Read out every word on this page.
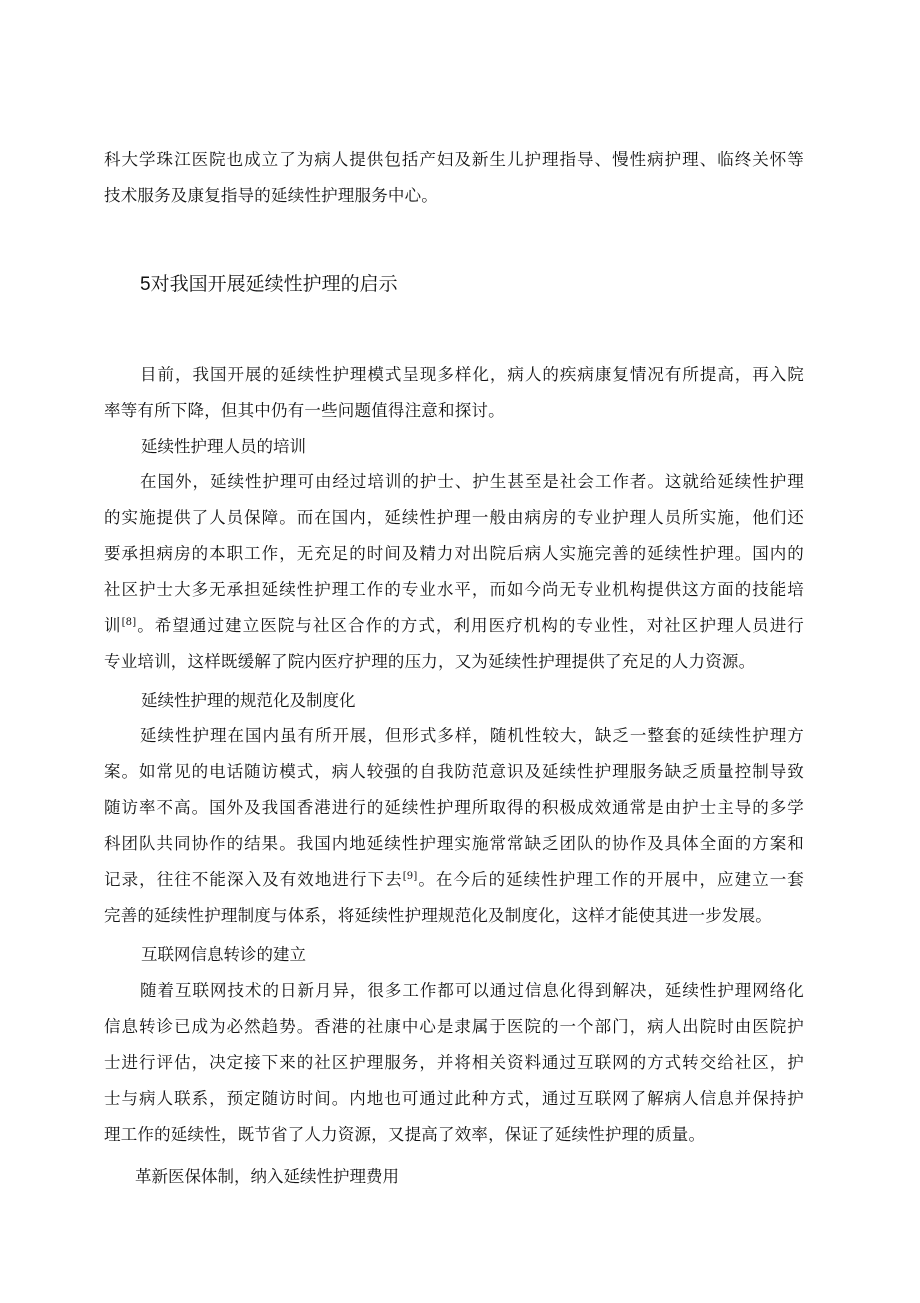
科大学珠江医院也成立了为病人提供包括产妇及新生儿护理指导、慢性病护理、临终关怀等
技术服务及康复指导的延续性护理服务中心。
5对我国开展延续性护理的启示
目前，我国开展的延续性护理模式呈现多样化，病人的疾病康复情况有所提高，再入院
率等有所下降，但其中仍有一些问题值得注意和探讨。
延续性护理人员的培训
在国外，延续性护理可由经过培训的护士、护生甚至是社会工作者。这就给延续性护理
的实施提供了人员保障。而在国内，延续性护理一般由病房的专业护理人员所实施，他们还
要承担病房的本职工作，无充足的时间及精力对出院后病人实施完善的延续性护理。国内的
社区护士大多无承担延续性护理工作的专业水平，而如今尚无专业机构提供这方面的技能培
训[8]。希望通过建立医院与社区合作的方式，利用医疗机构的专业性，对社区护理人员进行
专业培训，这样既缓解了院内医疗护理的压力，又为延续性护理提供了充足的人力资源。
延续性护理的规范化及制度化
延续性护理在国内虽有所开展，但形式多样，随机性较大，缺乏一整套的延续性护理方
案。如常见的电话随访模式，病人较强的自我防范意识及延续性护理服务缺乏质量控制导致
随访率不高。国外及我国香港进行的延续性护理所取得的积极成效通常是由护士主导的多学
科团队共同协作的结果。我国内地延续性护理实施常常缺乏团队的协作及具体全面的方案和
记录，往往不能深入及有效地进行下去[9]。在今后的延续性护理工作的开展中，应建立一套
完善的延续性护理制度与体系，将延续性护理规范化及制度化，这样才能使其进一步发展。
互联网信息转诊的建立
随着互联网技术的日新月异，很多工作都可以通过信息化得到解决，延续性护理网络化
信息转诊已成为必然趋势。香港的社康中心是隶属于医院的一个部门，病人出院时由医院护
士进行评估，决定接下来的社区护理服务，并将相关资料通过互联网的方式转交给社区，护
士与病人联系，预定随访时间。内地也可通过此种方式，通过互联网了解病人信息并保持护
理工作的延续性，既节省了人力资源，又提高了效率，保证了延续性护理的质量。
革新医保体制，纳入延续性护理费用
